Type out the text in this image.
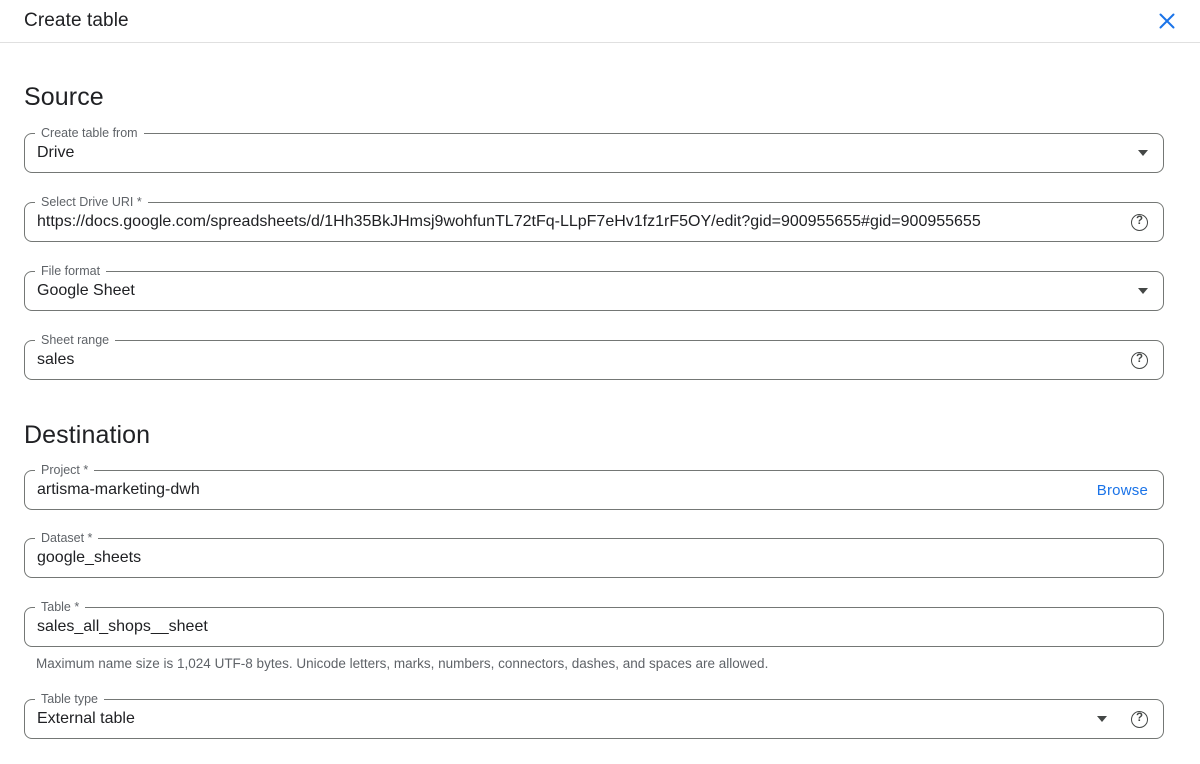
Create table
Source
Create table from
Drive
Select Drive URI *
https://docs.google.com/spreadsheets/d/1Hh35BkJHmsj9wohfunTL72tFq-LLpF7eHv1fz1rF5OY/edit?gid=900955655#gid=900955655
?
File format
Google Sheet
Sheet range
sales
?
Destination
Project *
artisma-marketing-dwh
Browse
Dataset *
google_sheets
Table *
sales_all_shops__sheet
Maximum name size is 1,024 UTF-8 bytes. Unicode letters, marks, numbers, connectors, dashes, and spaces are allowed.
Table type
External table	?
